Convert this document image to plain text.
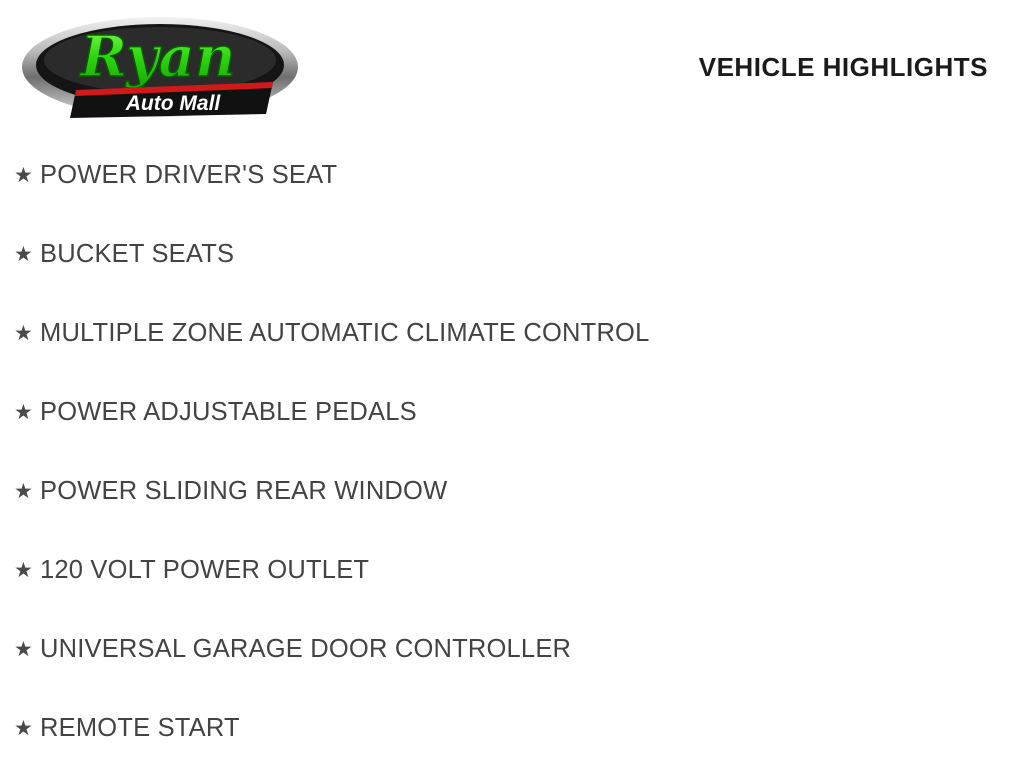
Ryan
Auto Mall
VEHICLE HIGHLIGHTS
★ POWER DRIVER'S SEAT
★ BUCKET SEATS
★ MULTIPLE ZONE AUTOMATIC CLIMATE CONTROL
★ POWER ADJUSTABLE PEDALS
★ POWER SLIDING REAR WINDOW
★ 120 VOLT POWER OUTLET
★ UNIVERSAL GARAGE DOOR CONTROLLER
★ REMOTE START
